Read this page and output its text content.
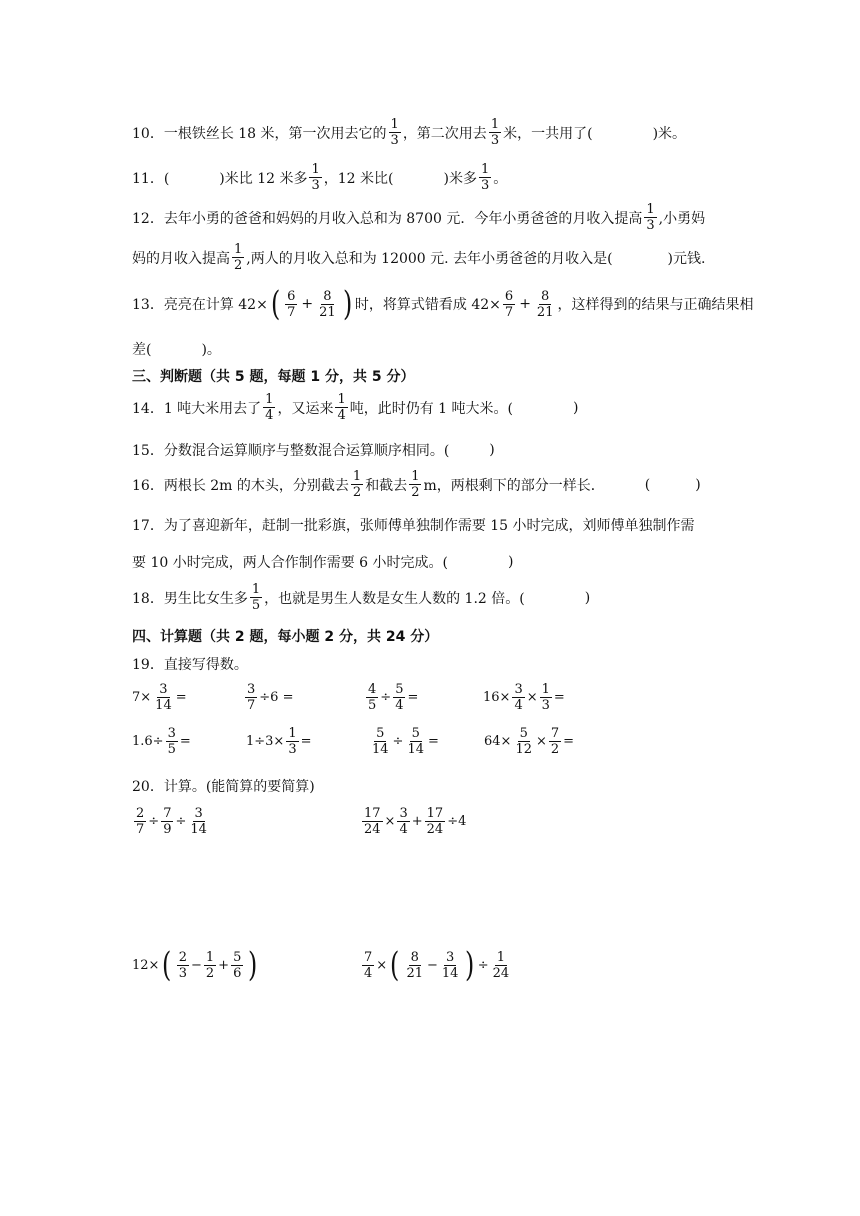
10．一根铁丝长 18 米，第一次用去它的 $\frac{1}{3}$ ，第二次用去 $\frac{1}{3}$ 米，一共用了(	)米。
11．(	)米比 12 米多 $\frac{1}{3}$ ，12 米比(	)米多 $\frac{1}{3}$ 。
12．去年小勇的爸爸和妈妈的月收入总和为 8700 元．今年小勇爸爸的月收入提高 $\frac{1}{3}$ ,小勇妈
妈的月收入提高 $\frac{1}{2}$ ,两人的月收入总和为 12000 元. 去年小勇爸爸的月收入是(	)元钱.
13．亮亮在计算 42× ( $\frac{6}{7} + \frac{8}{21}$ ) 时，将算式错看成 $42\times \frac{6}{7} + \frac{8}{21}$ ，这样得到的结果与正确结果相
差(	)。
三、判断题（共 5 题，每题 1 分，共 5 分）
14．1 吨大米用去了 $\frac{1}{4}$ ，又运来 $\frac{1}{4}$ 吨，此时仍有 1 吨大米。(	)
15．分数混合运算顺序与整数混合运算顺序相同。(	)
16．两根长 2m 的木头，分别截去 $\frac{1}{2}$ 和截去 $\frac{1}{2}$ m，两根剩下的部分一样长．	(	)
17．为了喜迎新年，赶制一批彩旗，张师傅单独制作需要 15 小时完成，刘师傅单独制作需
要 10 小时完成，两人合作制作需要 6 小时完成。(	)
18．男生比女生多 $\frac{1}{5}$ ，也就是男生人数是女生人数的 1.2 倍。(	)
四、计算题（共 2 题，每小题 2 分，共 24 分）
19．直接写得数。
$7\times \frac{3}{14}$ =	$\frac{3}{7} \div 6$ =	$\frac{4}{5} \div \frac{5}{4}$ =	$16\times \frac{3}{4} \times \frac{1}{3}$ =
$1.6\div \frac{3}{5}$ =	$1\div 3\times \frac{1}{3}$ =	$\frac{5}{14} \div \frac{5}{14}$ =	$64\times \frac{5}{12} \times \frac{7}{2}$ =
20．计算。(能简算的要简算)
$\frac{2}{7} \div \frac{7}{9} \div \frac{3}{14}$	$\frac{17}{24} \times \frac{3}{4} + \frac{17}{24} \div 4$
12× ( $\frac{2}{3} - \frac{1}{2} + \frac{5}{6}$ )	$\frac{7}{4}$ × ( $\frac{8}{21} - \frac{3}{14}$ ) ÷ $\frac{1}{24}$
